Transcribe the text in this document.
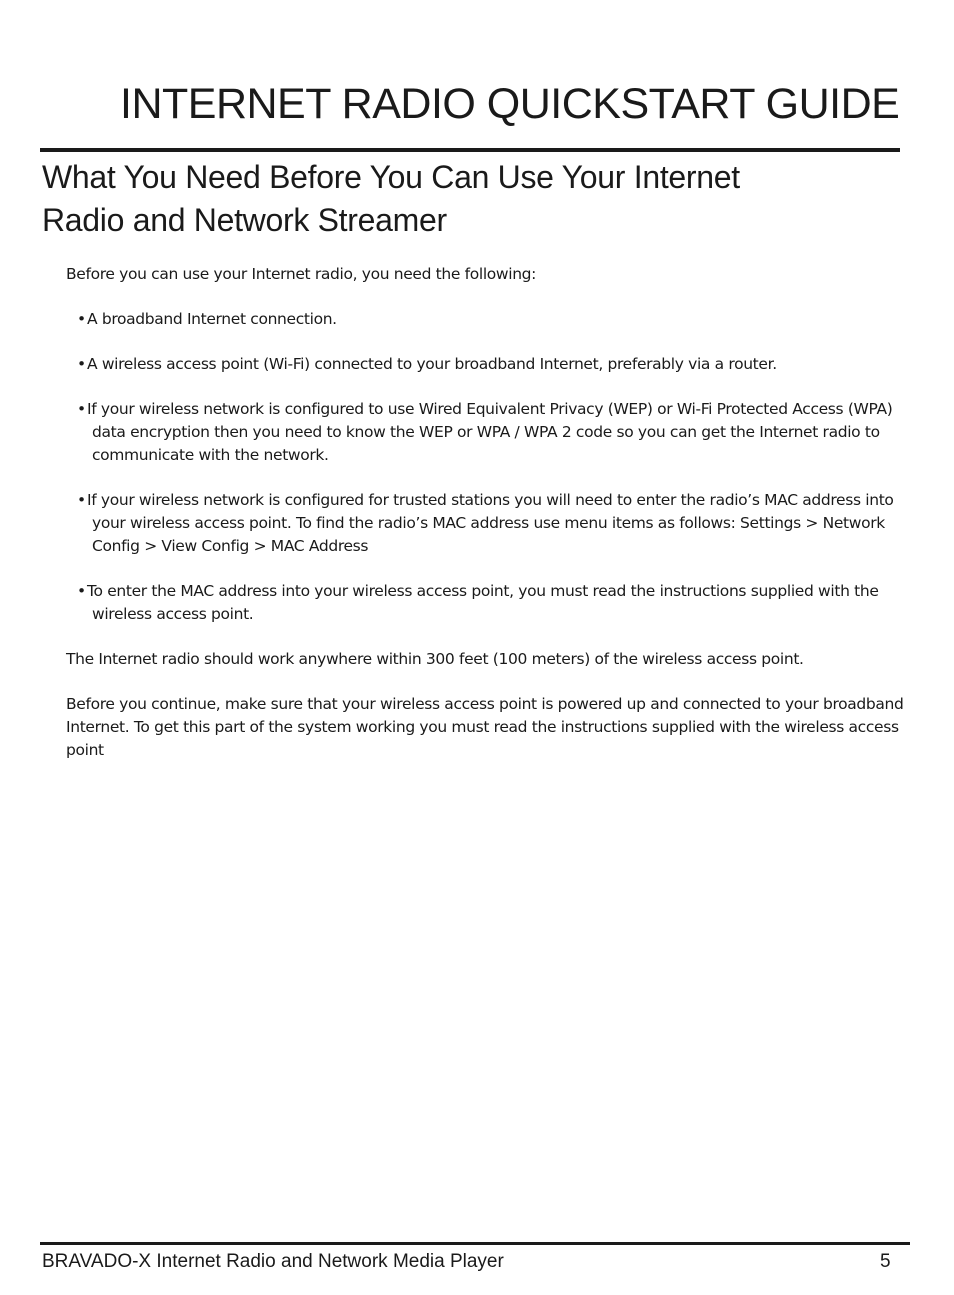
INTERNET RADIO QUICKSTART GUIDE
What You Need Before You Can Use Your Internet Radio and Network Streamer

Before you can use your Internet radio, you need the following:

•A broadband Internet connection.
•A wireless access point (Wi-Fi) connected to your broadband Internet, preferably via a router.
•If your wireless network is configured to use Wired Equivalent Privacy (WEP) or Wi-Fi Protected Access (WPA) data encryption then you need to know the WEP or WPA / WPA 2 code so you can get the Internet radio to communicate with the network.
•If your wireless network is configured for trusted stations you will need to enter the radio’s MAC address into your wireless access point. To find the radio’s MAC address use menu items as follows: Settings > Network Config > View Config > MAC Address
•To enter the MAC address into your wireless access point, you must read the instructions supplied with the wireless access point.

The Internet radio should work anywhere within 300 feet (100 meters) of the wireless access point.

Before you continue, make sure that your wireless access point is powered up and connected to your broadband Internet. To get this part of the system working you must read the instructions supplied with the wireless access point

BRAVADO-X Internet Radio and Network Media Player	5
